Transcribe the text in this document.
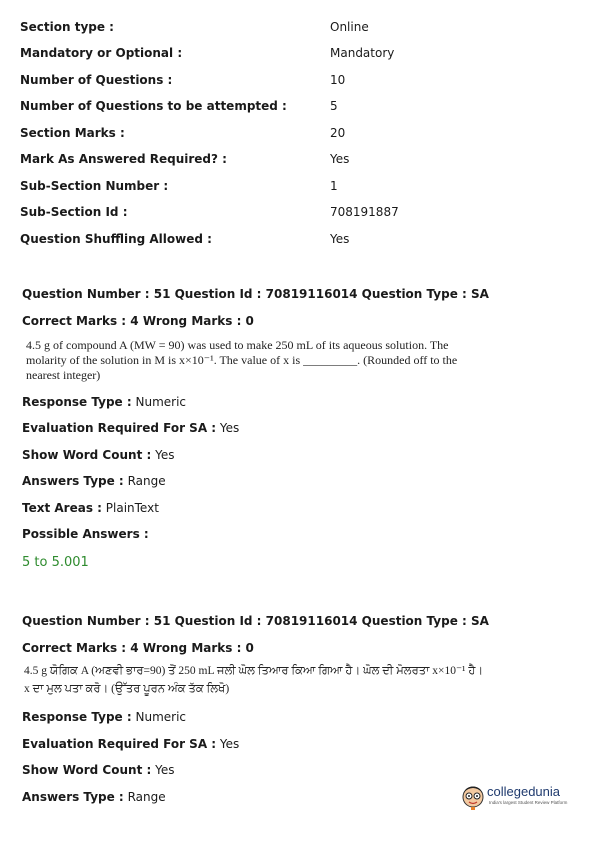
Section type :	Online
Mandatory or Optional :	Mandatory
Number of Questions :	10
Number of Questions to be attempted :	5
Section Marks :	20
Mark As Answered Required? :	Yes
Sub-Section Number :	1
Sub-Section Id :	708191887
Question Shuffling Allowed :	Yes
Question Number : 51 Question Id : 70819116014 Question Type : SA
Correct Marks : 4 Wrong Marks : 0
4.5 g of compound A (MW = 90) was used to make 250 mL of its aqueous solution. The
molarity of the solution in M is x×10⁻¹. The value of x is _________. (Rounded off to the
nearest integer)
Response Type : Numeric
Evaluation Required For SA : Yes
Show Word Count : Yes
Answers Type : Range
Text Areas : PlainText
Possible Answers :
5 to 5.001
Question Number : 51 Question Id : 70819116014 Question Type : SA
Correct Marks : 4 Wrong Marks : 0
4.5 g ਯੋਗਿਕ A (ਅਣਵੀ ਭਾਰ=90) ਤੋਂ 250 mL ਜਲੀ ਘੋਲ ਤਿਆਰ ਕਿਆ ਗਿਆ ਹੈ। ਘੋਲ ਦੀ ਮੋਲਰਤਾ x×10⁻¹ ਹੈ।
x ਦਾ ਮੁਲ ਪਤਾ ਕਰੋ। (ਉੱਤਰ ਪੂਰਨ ਅੰਕ ਤੱਕ ਲਿਖੋ)
Response Type : Numeric
Evaluation Required For SA : Yes
Show Word Count : Yes
Answers Type : Range	collegedunia
India's largest Student Review Platform
